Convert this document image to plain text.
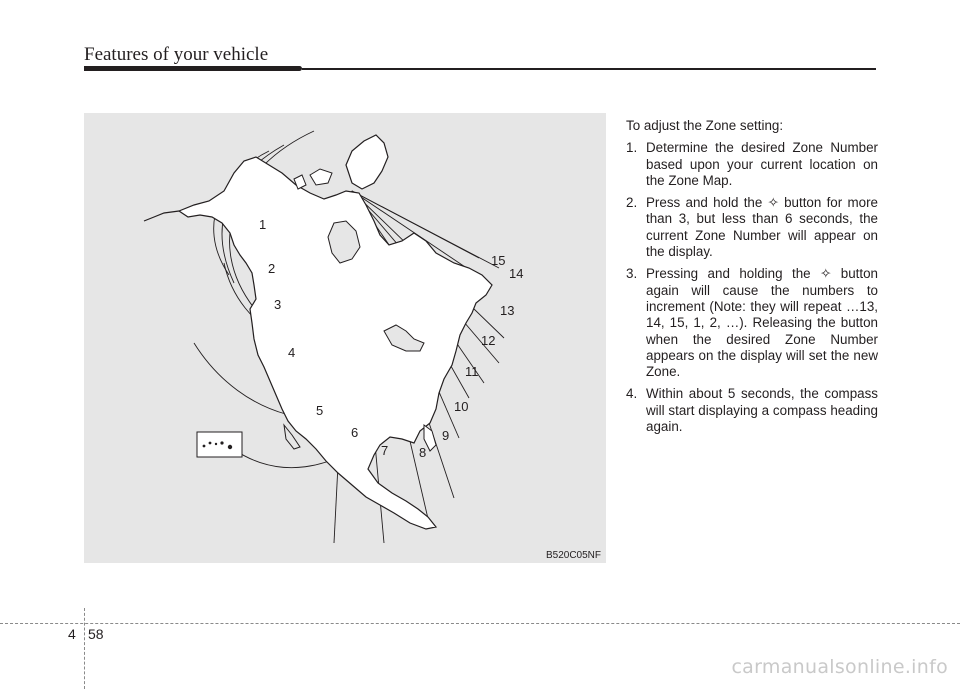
Features of your vehicle
1
2
3
4
5
6
7 8
9
10
11
12
13
14
15
B520C05NF

To adjust the Zone setting:

1. Determine the desired Zone Number based upon your current location on the Zone Map.
2. Press and hold the ✧ button for more than 3, but less than 6 seconds, the current Zone Number will appear on the display.
3. Pressing and holding the ✧ button again will cause the numbers to increment (Note: they will repeat …13, 14, 15, 1, 2, …). Releasing the button when the desired Zone Number appears on the display will set the new Zone.
4. Within about 5 seconds, the compass will start displaying a compass heading again.
4 58
carmanualsonline.info
